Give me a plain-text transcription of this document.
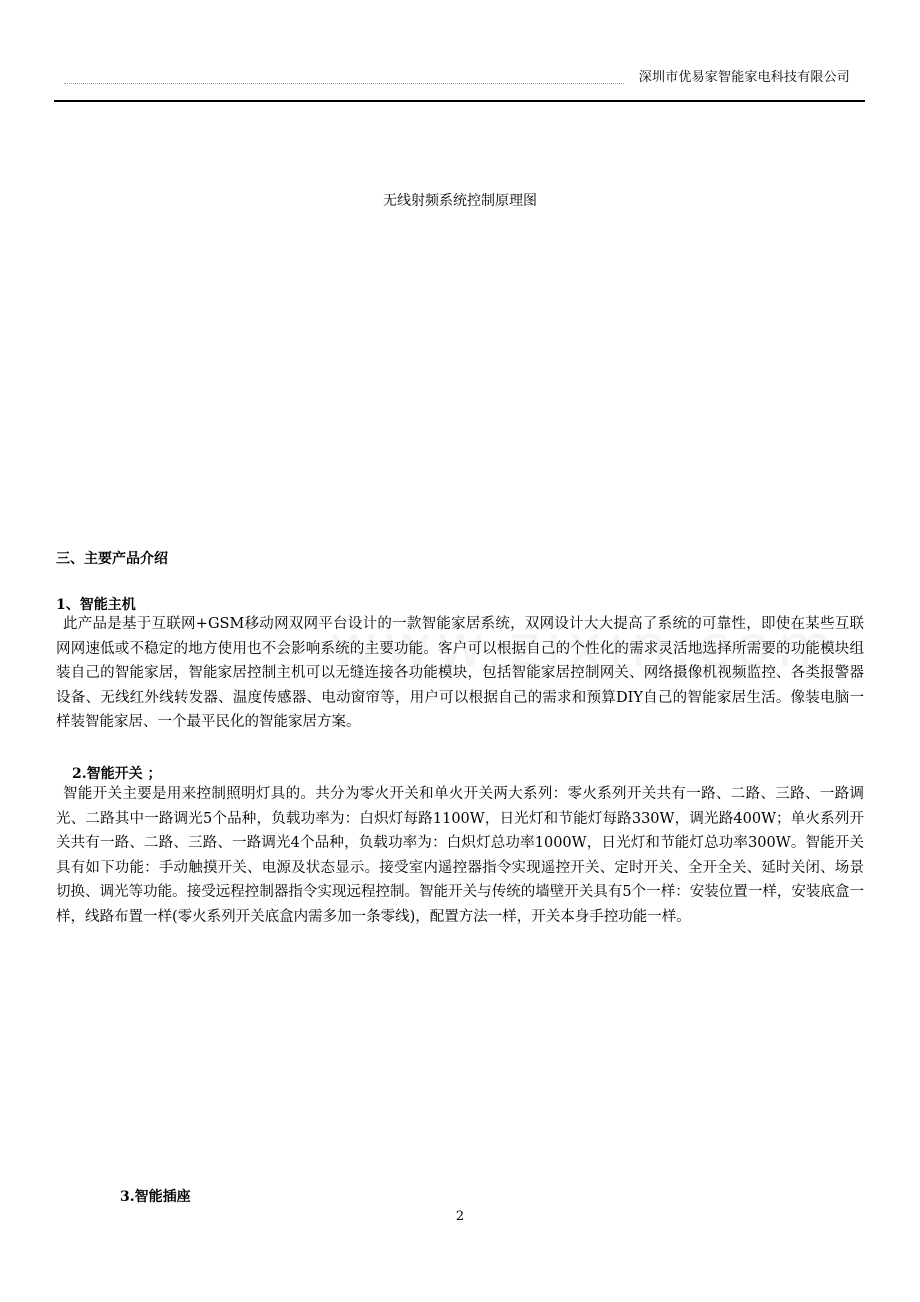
深圳市优易家智能家电科技有限公司
无线射频系统控制原理图
三、主要产品介绍
1、智能主机
此产品是基于互联网+GSM移动网双网平台设计的一款智能家居系统，双网设计大大提高了系统的可靠性，即使在某些互联网网速低或不稳定的地方使用也不会影响系统的主要功能。客户可以根据自己的个性化的需求灵活地选择所需要的功能模块组装自己的智能家居，智能家居控制主机可以无缝连接各功能模块，包括智能家居控制网关、网络摄像机视频监控、各类报警器设备、无线红外线转发器、温度传感器、电动窗帘等，用户可以根据自己的需求和预算DIY自己的智能家居生活。像装电脑一样装智能家居、一个最平民化的智能家居方案。
2.智能开关 ；
智能开关主要是用来控制照明灯具的。共分为零火开关和单火开关两大系列：零火系列开关共有一路、二路、三路、一路调光、二路其中一路调光5个品种，负载功率为：白炽灯每路1100W，日光灯和节能灯每路330W，调光路400W；单火系列开关共有一路、二路、三路、一路调光4个品种，负载功率为：白炽灯总功率1000W，日光灯和节能灯总功率300W。智能开关具有如下功能：手动触摸开关、电源及状态显示。接受室内遥控器指令实现遥控开关、定时开关、全开全关、延时关闭、场景切换、调光等功能。接受远程控制器指令实现远程控制。智能开关与传统的墙壁开关具有5个一样：安装位置一样，安装底盒一样，线路布置一样(零火系列开关底盒内需多加一条零线)，配置方法一样，开关本身手控功能一样。
3.智能插座
2
